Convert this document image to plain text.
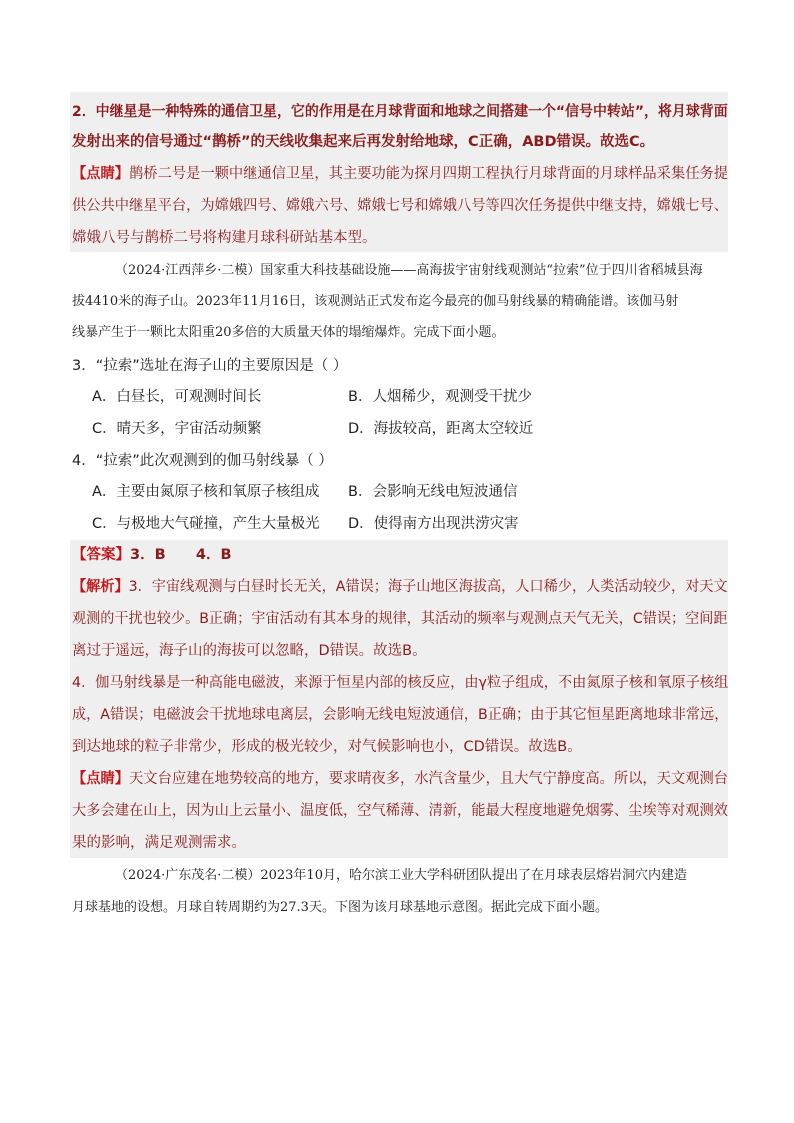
2．中继星是一种特殊的通信卫星，它的作用是在月球背面和地球之间搭建一个“信号中转站”，将月球背面
发射出来的信号通过“鹊桥”的天线收集起来后再发射给地球，C正确，ABD错误。故选C。
【点睛】鹊桥二号是一颗中继通信卫星，其主要功能为探月四期工程执行月球背面的月球样品采集任务提
供公共中继星平台，为嫦娥四号、嫦娥六号、嫦娥七号和嫦娥八号等四次任务提供中继支持，嫦娥七号、
嫦娥八号与鹊桥二号将构建月球科研站基本型。
（2024·江西萍乡·二模）国家重大科技基础设施——高海拔宇宙射线观测站“拉索”位于四川省稻城县海
拔4410米的海子山。2023年11月16日，该观测站正式发布迄今最亮的伽马射线暴的精确能谱。该伽马射
线暴产生于一颗比太阳重20多倍的大质量天体的塌缩爆炸。完成下面小题。
3．“拉索”选址在海子山的主要原因是（ ）
A．白昼长，可观测时间长	B．人烟稀少，观测受干扰少
C．晴天多，宇宙活动频繁	D．海拔较高，距离太空较近
4．“拉索”此次观测到的伽马射线暴（ ）
A．主要由氮原子核和氧原子核组成 B．会影响无线电短波通信
C．与极地大气碰撞，产生大量极光 D．使得南方出现洪涝灾害
【答案】3．B      4．B
【解析】3．宇宙线观测与白昼时长无关，A错误；海子山地区海拔高，人口稀少，人类活动较少，对天文
观测的干扰也较少。B正确；宇宙活动有其本身的规律，其活动的频率与观测点天气无关，C错误；空间距
离过于遥远，海子山的海拔可以忽略，D错误。故选B。
4．伽马射线暴是一种高能电磁波，来源于恒星内部的核反应，由γ粒子组成，不由氮原子核和氧原子核组
成，A错误；电磁波会干扰地球电离层，会影响无线电短波通信，B正确；由于其它恒星距离地球非常远，
到达地球的粒子非常少，形成的极光较少，对气候影响也小，CD错误。故选B。
【点睛】天文台应建在地势较高的地方，要求晴夜多，水汽含量少，且大气宁静度高。所以，天文观测台
大多会建在山上，因为山上云量小、温度低，空气稀薄、清新，能最大程度地避免烟雾、尘埃等对观测效
果的影响，满足观测需求。
（2024·广东茂名·二模）2023年10月，哈尔滨工业大学科研团队提出了在月球表层熔岩洞穴内建造
月球基地的设想。月球自转周期约为27.3天。下图为该月球基地示意图。据此完成下面小题。
